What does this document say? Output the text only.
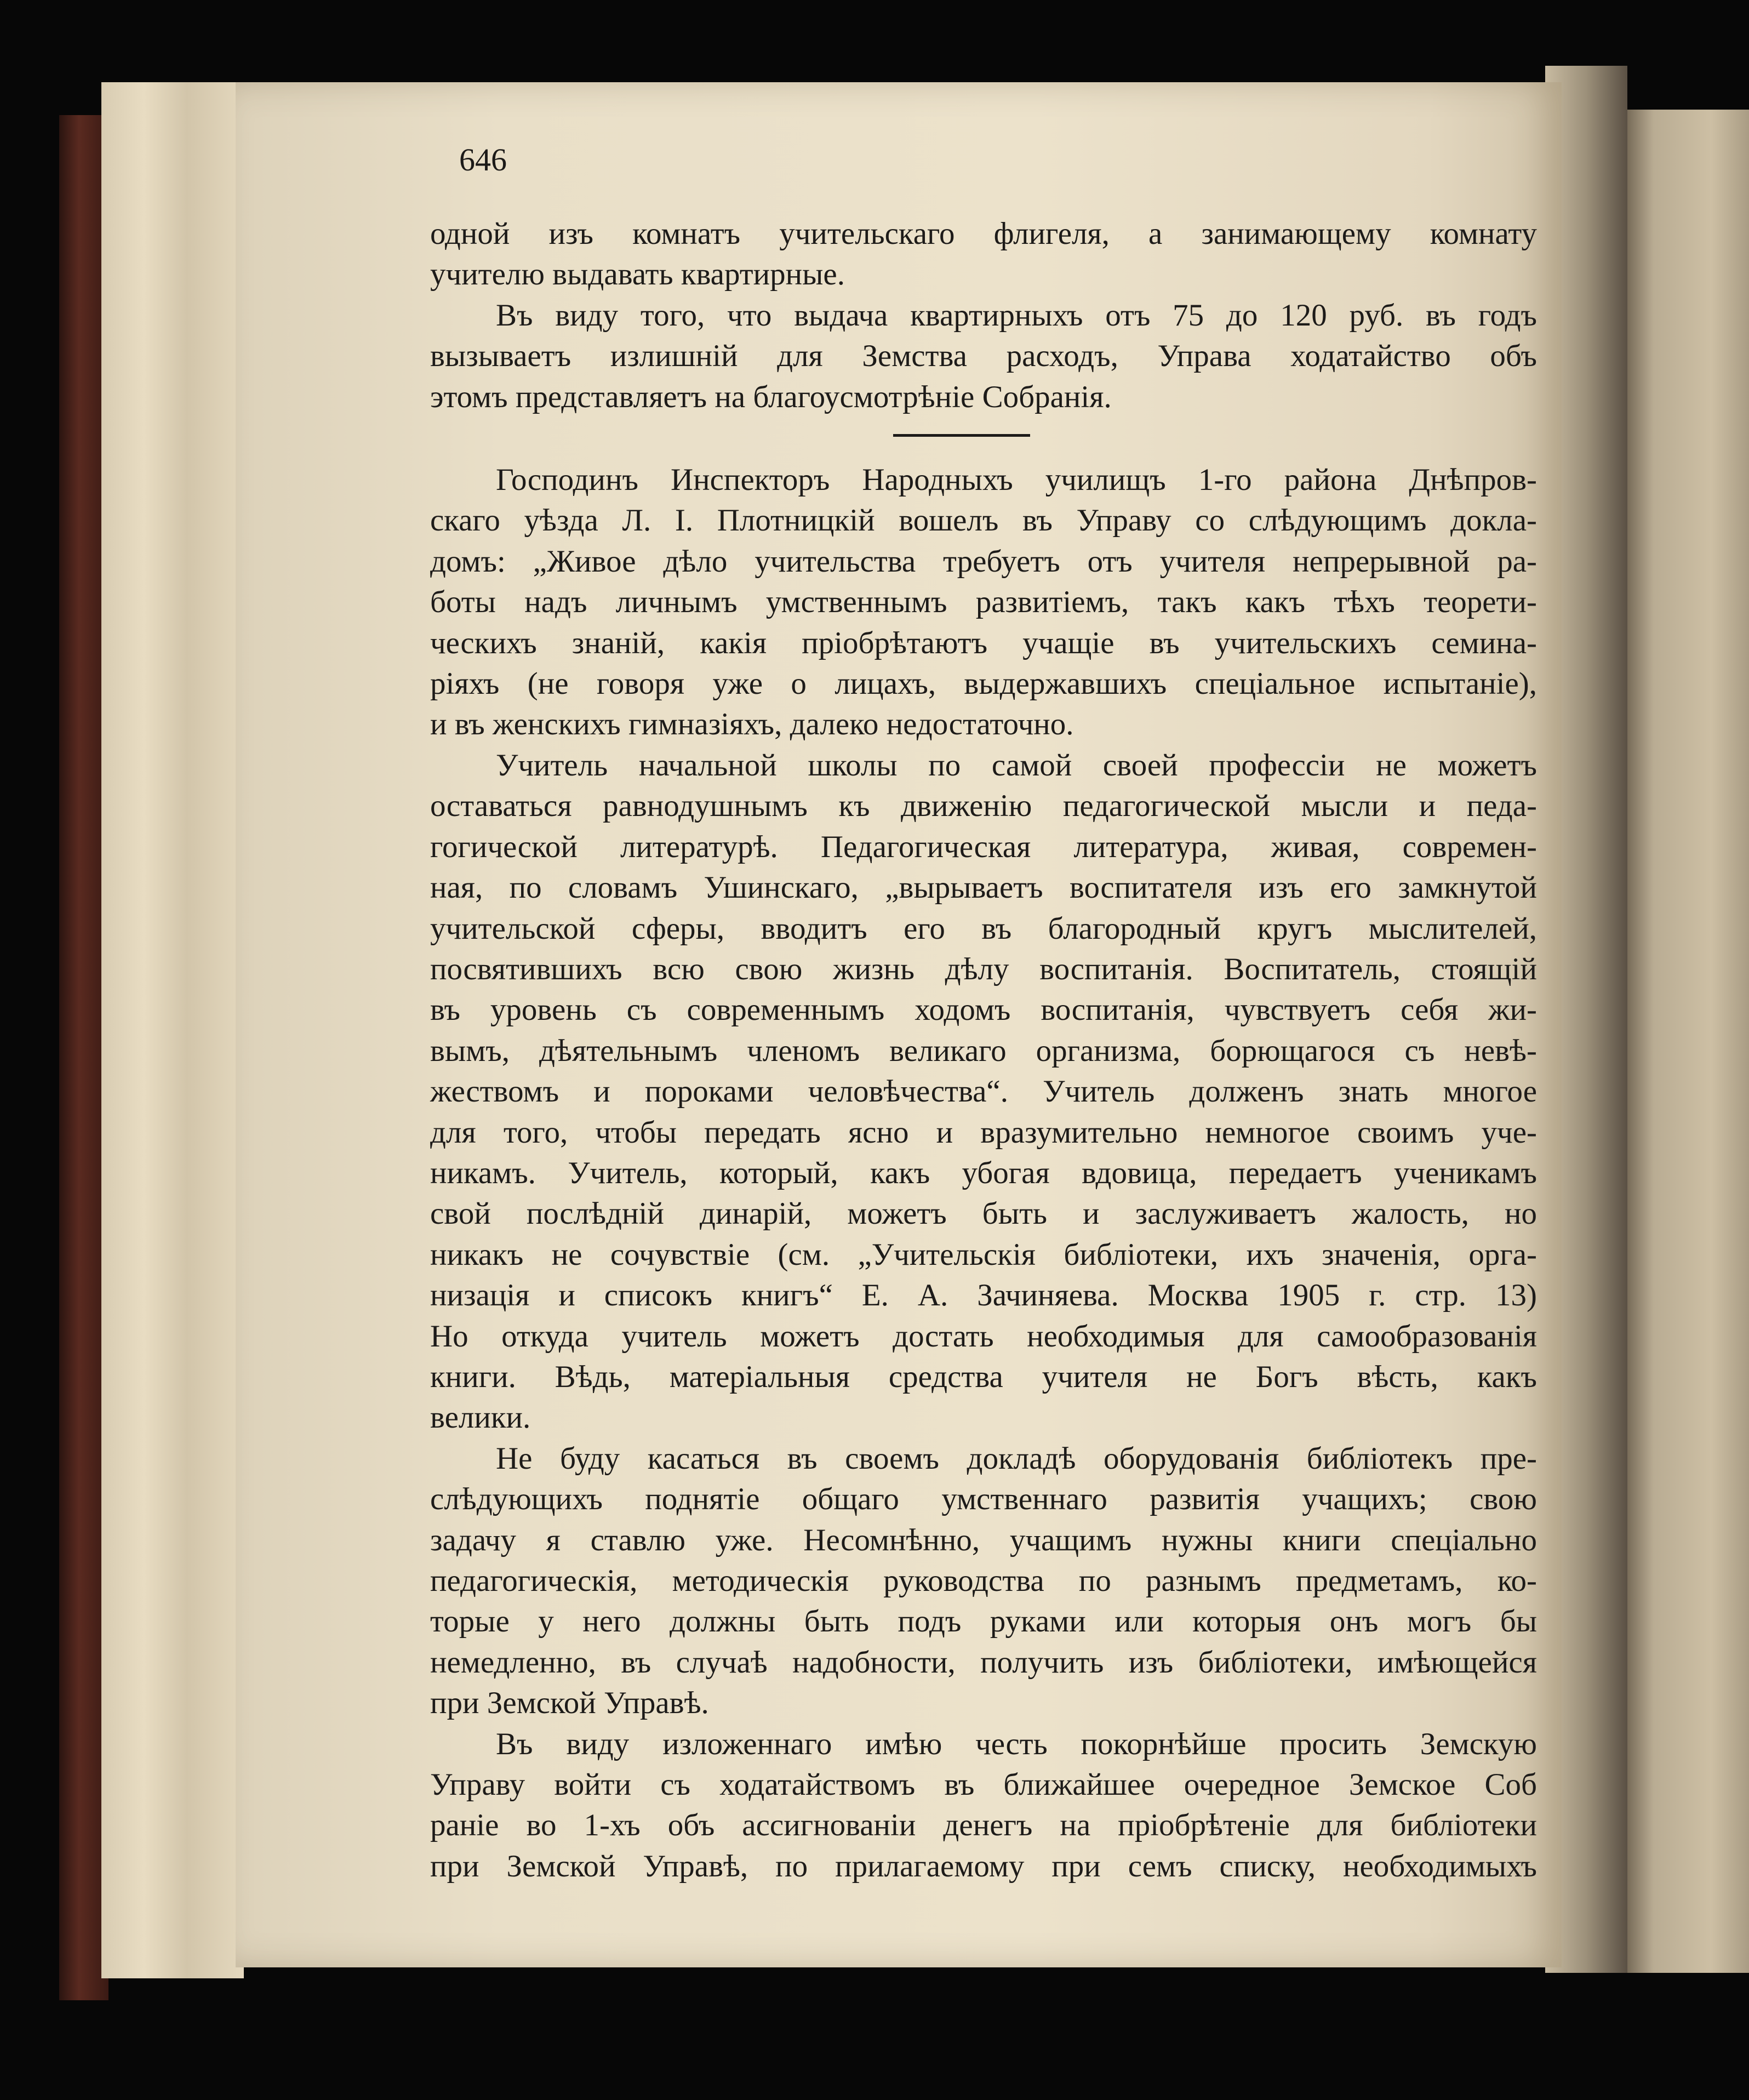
646

одной изъ комнатъ учительскаго флигеля, а занимающему комнату
учителю выдавать квартирные.
Въ виду того, что выдача квартирныхъ отъ 75 до 120 руб. въ годъ
вызываетъ излишній для Земства расходъ, Управа ходатайство объ
этомъ представляетъ на благоусмотрѣніе Собранія.
Господинъ Инспекторъ Народныхъ училищъ 1-го района Днѣпров-
скаго уѣзда Л. I. Плотницкій вошелъ въ Управу со слѣдующимъ докла-
домъ: „Живое дѣло учительства требуетъ отъ учителя непрерывной ра-
боты надъ личнымъ умственнымъ развитіемъ, такъ какъ тѣхъ теорети-
ческихъ знаній, какія пріобрѣтаютъ учащіе въ учительскихъ семина-
ріяхъ (не говоря уже о лицахъ, выдержавшихъ спеціальное испытаніе),
и въ женскихъ гимназіяхъ, далеко недостаточно.
Учитель начальной школы по самой своей профессіи не можетъ
оставаться равнодушнымъ къ движенію педагогической мысли и педа-
гогической литературѣ. Педагогическая литература, живая, современ-
ная, по словамъ Ушинскаго, „вырываетъ воспитателя изъ его замкнутой
учительской сферы, вводитъ его въ благородный кругъ мыслителей,
посвятившихъ всю свою жизнь дѣлу воспитанія. Воспитатель, стоящій
въ уровень съ современнымъ ходомъ воспитанія, чувствуетъ себя жи-
вымъ, дѣятельнымъ членомъ великаго организма, борющагося съ невѣ-
жествомъ и пороками человѣчества“. Учитель долженъ знать многое
для того, чтобы передать ясно и вразумительно немногое своимъ уче-
никамъ. Учитель, который, какъ убогая вдовица, передаетъ ученикамъ
свой послѣдній динарій, можетъ быть и заслуживаетъ жалость, но
никакъ не сочувствіе (см. „Учительскія библіотеки, ихъ значенія, орга-
низація и списокъ книгъ“ Е. А. Зачиняева. Москва 1905 г. стр. 13)
Но откуда учитель можетъ достать необходимыя для самообразованія
книги. Вѣдь, матеріальныя средства учителя не Богъ вѣсть, какъ
велики.
Не буду касаться въ своемъ докладѣ оборудованія библіотекъ пре-
слѣдующихъ поднятіе общаго умственнаго развитія учащихъ; свою
задачу я ставлю уже. Несомнѣнно, учащимъ нужны книги спеціально
педагогическія, методическія руководства по разнымъ предметамъ, ко-
торые у него должны быть подъ руками или которыя онъ могъ бы
немедленно, въ случаѣ надобности, получить изъ библіотеки, имѣющейся
при Земской Управѣ.
Въ виду изложеннаго имѣю честь покорнѣйше просить Земскую
Управу войти съ ходатайствомъ въ ближайшее очередное Земское Соб
раніе во 1-хъ объ ассигнованіи денегъ на пріобрѣтеніе для библіотеки
при Земской Управѣ, по прилагаемому при семъ списку, необходимыхъ
